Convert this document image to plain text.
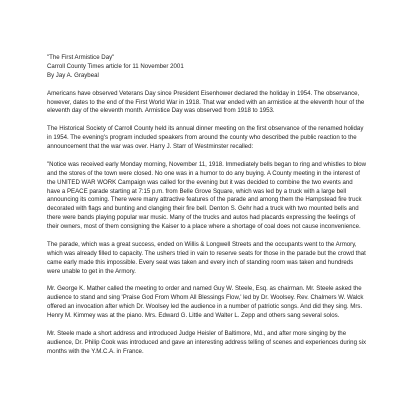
"The First Armistice Day"
Carroll County Times article for 11 November 2001
By Jay A. Graybeal

Americans have observed Veterans Day since President Eisenhower declared the holiday in 1954. The observance, however, dates to the end of the First World War in 1918. That war ended with an armistice at the eleventh hour of the eleventh day of the eleventh month. Armistice Day was observed from 1918 to 1953.

The Historical Society of Carroll County held its annual dinner meeting on the first observance of the renamed holiday in 1954. The evening's program included speakers from around the county who described the public reaction to the announcement that the war was over. Harry J. Starr of Westminster recalled:

"Notice was received early Monday morning, November 11, 1918. Immediately bells began to ring and whistles to blow and the stores of the town were closed. No one was in a humor to do any buying. A County meeting in the interest of the UNITED WAR WORK Campaign was called for the evening but it was decided to combine the two events and have a PEACE parade starting at 7:15 p.m. from Belle Grove Square, which was led by a truck with a large bell announcing its coming. There were many attractive features of the parade and among them the Hampstead fire truck decorated with flags and bunting and clanging their fire bell. Denton S. Gehr had a truck with two mounted bells and there were bands playing popular war music. Many of the trucks and autos had placards expressing the feelings of their owners, most of them consigning the Kaiser to a place where a shortage of coal does not cause inconvenience.

The parade, which was a great success, ended on Willis & Longwell Streets and the occupants went to the Armory, which was already filled to capacity. The ushers tried in vain to reserve seats for those in the parade but the crowd that came early made this impossible. Every seat was taken and every inch of standing room was taken and hundreds were unable to get in the Armory.

Mr. George K. Mather called the meeting to order and named Guy W. Steele, Esq. as chairman. Mr. Steele asked the audience to stand and sing 'Praise God From Whom All Blessings Flow,' led by Dr. Woolsey. Rev. Chalmers W. Walck offered an invocation after which Dr. Woolsey led the audience in a number of patriotic songs. And did they sing. Mrs. Henry M. Kimmey was at the piano. Mrs. Edward G. Little and Walter L. Zepp and others sang several solos.

Mr. Steele made a short address and introduced Judge Heisler of Baltimore, Md., and after more singing by the audience, Dr. Philip Cook was introduced and gave an interesting address telling of scenes and experiences during six months with the Y.M.C.A. in France.
